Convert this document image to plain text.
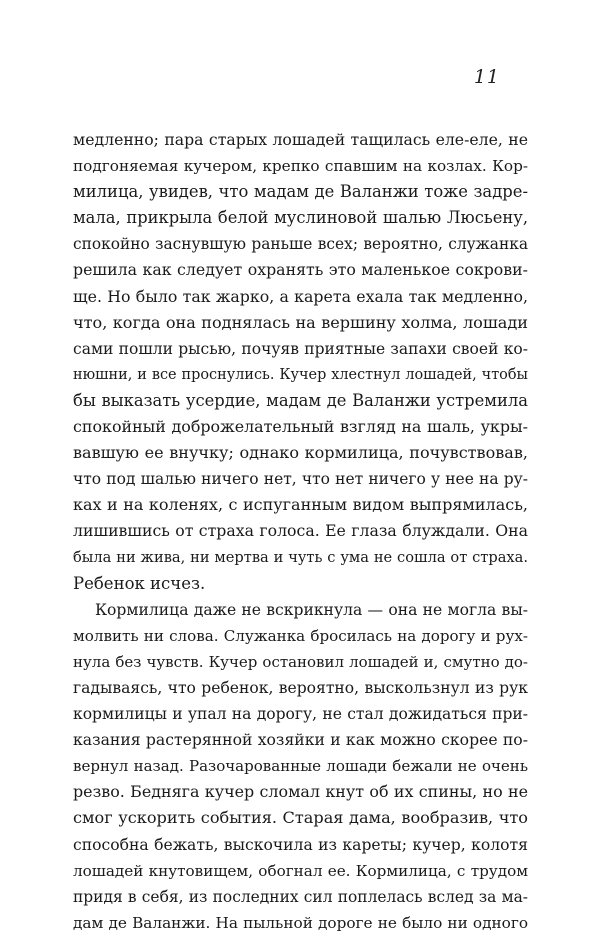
11
медленно; пара старых лошадей тащилась еле-еле, не
подгоняемая кучером, крепко спавшим на козлах. Кор-
милица, увидев, что мадам де Валанжи тоже задре-
мала, прикрыла белой муслиновой шалью Люсьену,
спокойно заснувшую раньше всех; вероятно, служанка
решила как следует охранять это маленькое сокрови-
ще. Но было так жарко, а карета ехала так медленно,
что, когда она поднялась на вершину холма, лошади
сами пошли рысью, почуяв приятные запахи своей ко-
нюшни, и все проснулись. Кучер хлестнул лошадей, чтобы
бы выказать усердие, мадам де Валанжи устремила
спокойный доброжелательный взгляд на шаль, укры-
вавшую ее внучку; однако кормилица, почувствовав,
что под шалью ничего нет, что нет ничего у нее на ру-
ках и на коленях, с испуганным видом выпрямилась,
лишившись от страха голоса. Ее глаза блуждали. Она
была ни жива, ни мертва и чуть с ума не сошла от страха.
Ребенок исчез.
Кормилица даже не вскрикнула — она не могла вы-
молвить ни слова. Служанка бросилась на дорогу и рух-
нула без чувств. Кучер остановил лошадей и, смутно до-
гадываясь, что ребенок, вероятно, выскользнул из рук
кормилицы и упал на дорогу, не стал дожидаться при-
казания растерянной хозяйки и как можно скорее по-
вернул назад. Разочарованные лошади бежали не очень
резво. Бедняга кучер сломал кнут об их спины, но не
смог ускорить события. Старая дама, вообразив, что
способна бежать, выскочила из кареты; кучер, колотя
лошадей кнутовищем, обогнал ее. Кормилица, с трудом
придя в себя, из последних сил поплелась вслед за ма-
дам де Валанжи. На пыльной дороге не было ни одного
